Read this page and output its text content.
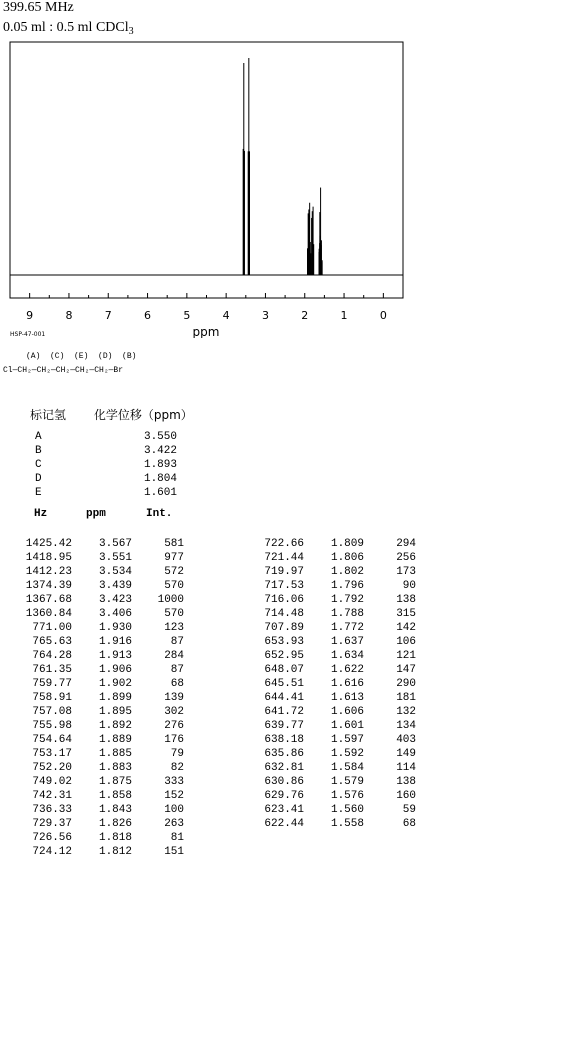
399.65 MHz
0.05 ml : 0.5 ml CDCl$_3$
9	8	7	6	5	4	3	2	1	0
ppm
HSP-47-001
(A)  (C)  (E)  (D)  (B)
Cl—CH₂—CH₂—CH₂—CH₂—CH₂—Br
标记氢 化学位移（ppm）
A	3.550
B	3.422
C	1.893
D	1.804
E	1.601
Hz	ppm	Int.
1425.42	3.567	581
1418.95	3.551	977
1412.23	3.534	572
1374.39	3.439	570
1367.68	3.423	1000
1360.84	3.406	570
771.00	1.930	123
765.63	1.916	87
764.28	1.913	284
761.35	1.906	87
759.77	1.902	68
758.91	1.899	139
757.08	1.895	302
755.98	1.892	276
754.64	1.889	176
753.17	1.885	79
752.20	1.883	82
749.02	1.875	333
742.31	1.858	152
736.33	1.843	100
729.37	1.826	263
726.56	1.818	81
724.12	1.812	151
722.66	1.809	294
721.44	1.806	256
719.97	1.802	173
717.53	1.796	90
716.06	1.792	138
714.48	1.788	315
707.89	1.772	142
653.93	1.637	106
652.95	1.634	121
648.07	1.622	147
645.51	1.616	290
644.41	1.613	181
641.72	1.606	132
639.77	1.601	134
638.18	1.597	403
635.86	1.592	149
632.81	1.584	114
630.86	1.579	138
629.76	1.576	160
623.41	1.560	59
622.44	1.558	68
